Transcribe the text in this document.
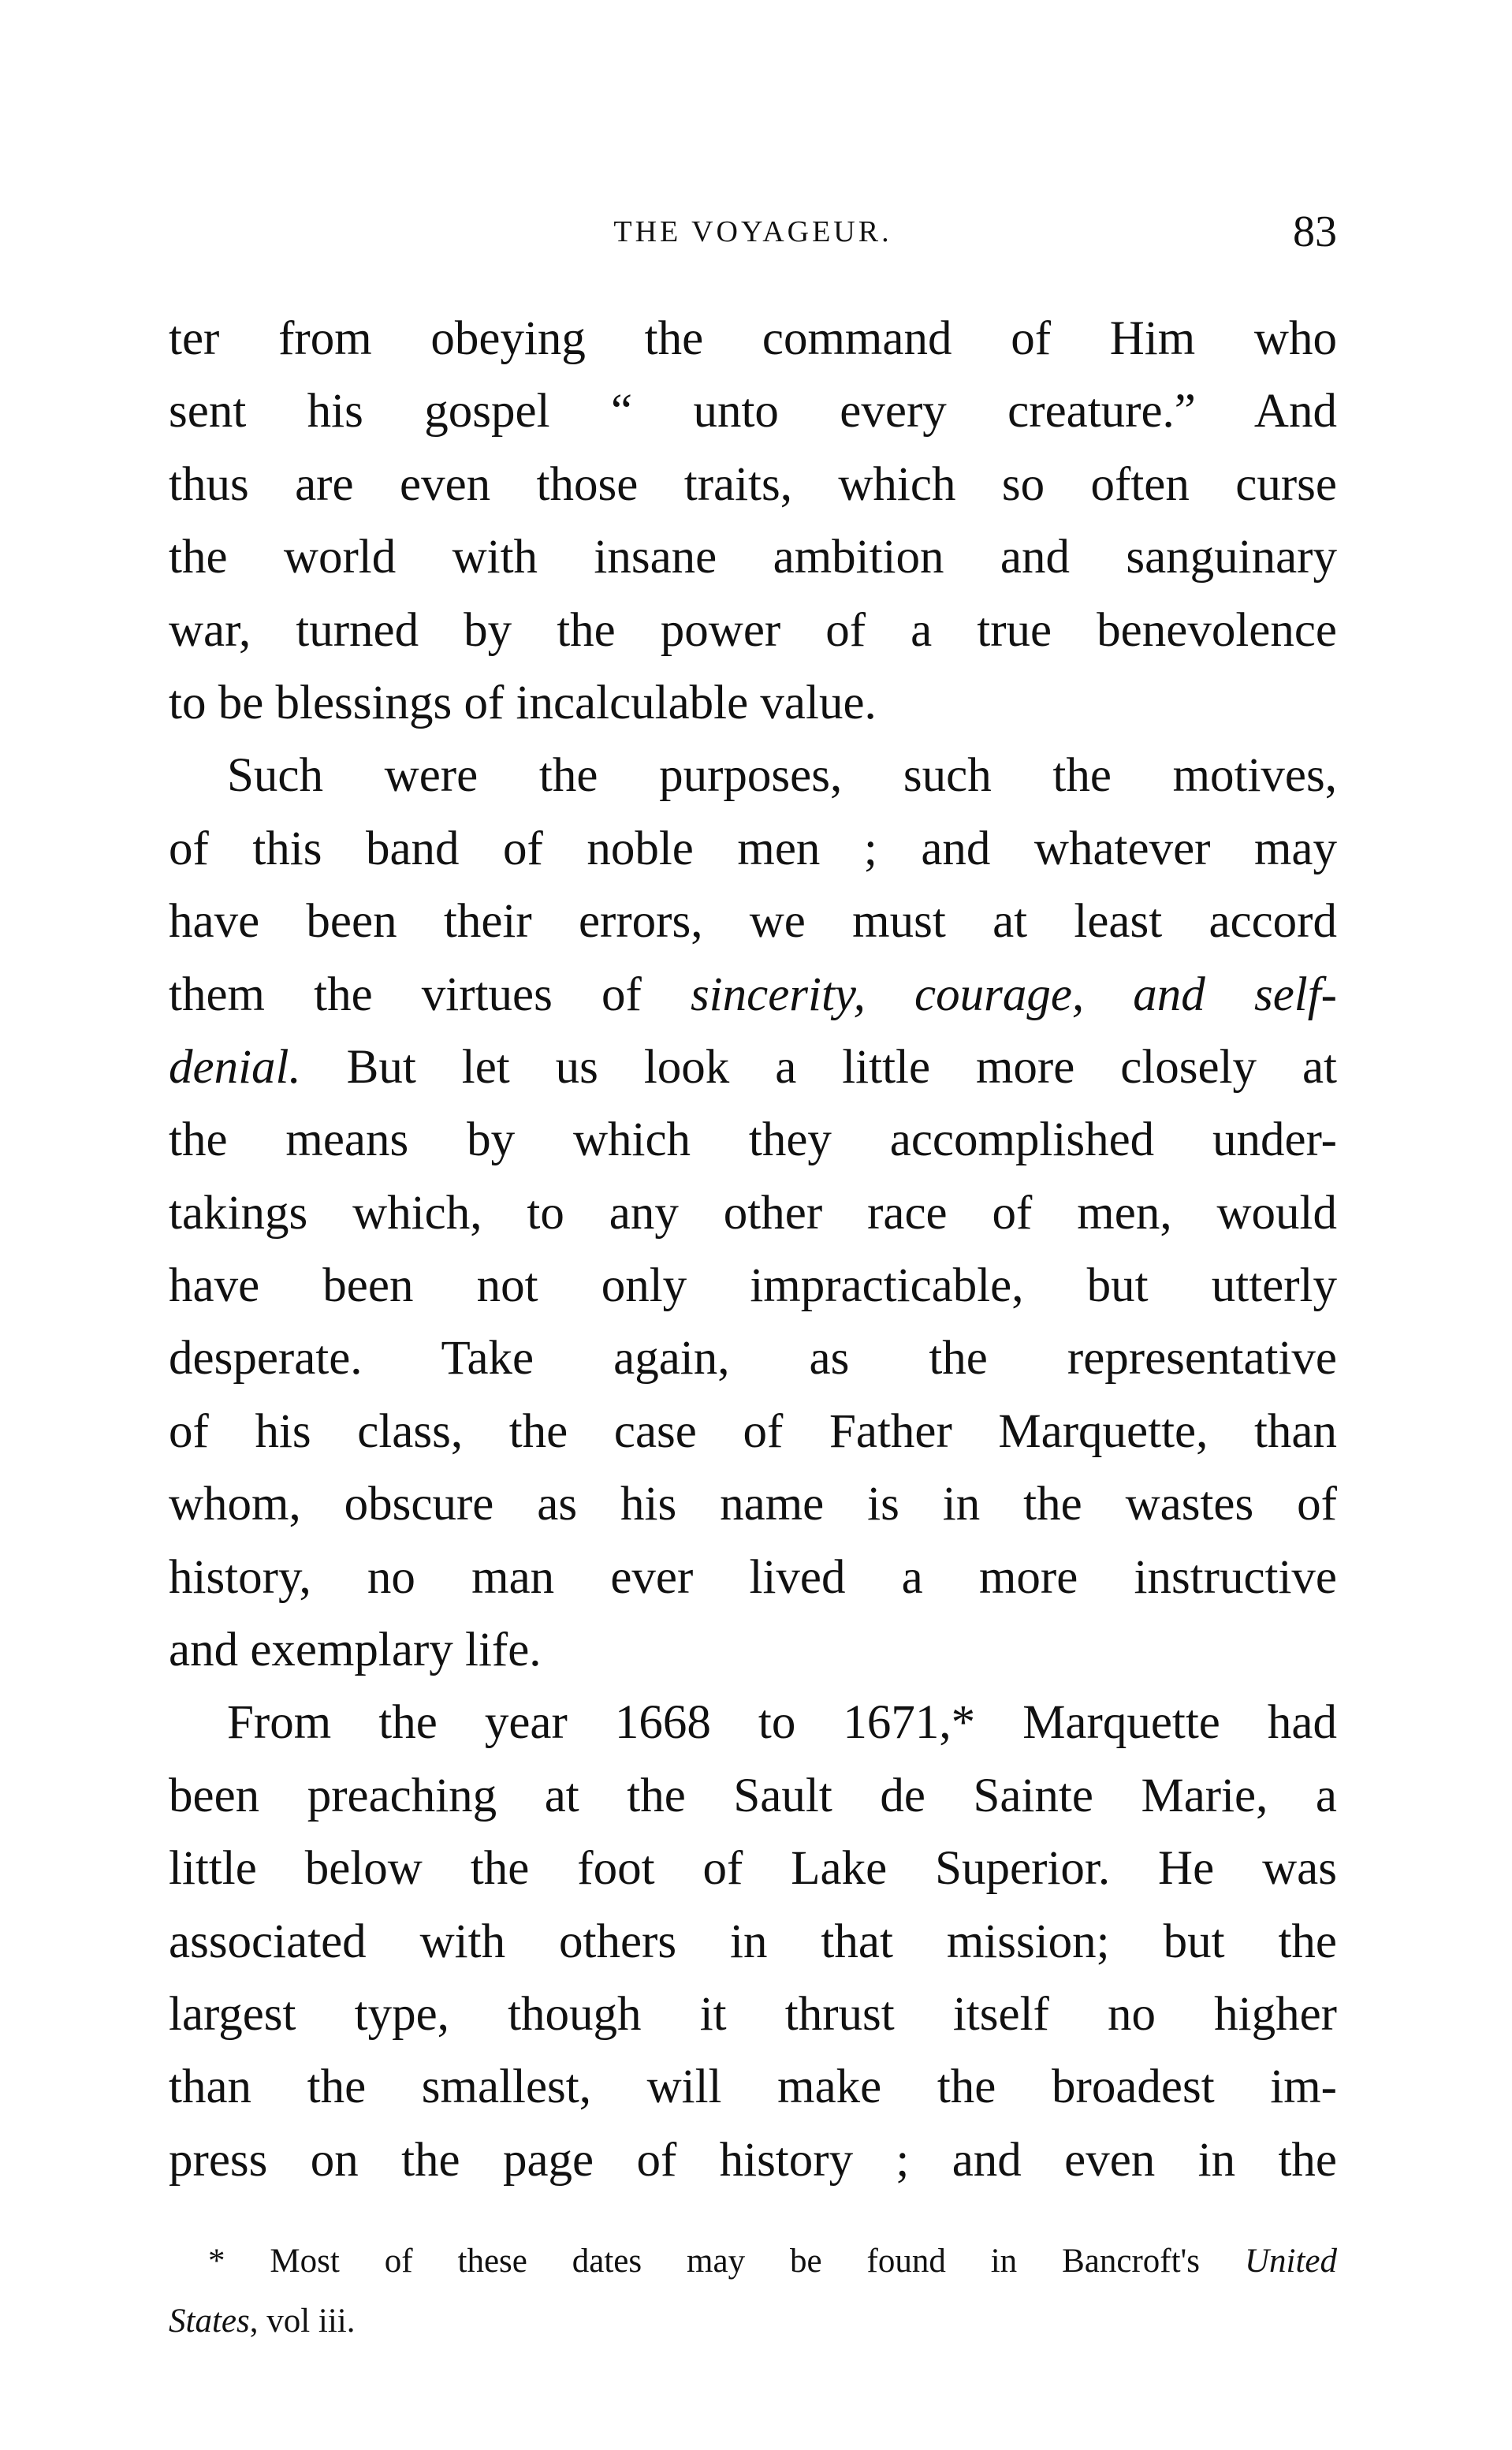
THE VOYAGEUR.	83
ter from obeying the command of Him who
sent his gospel “ unto every creature.” And
thus are even those traits, which so often curse
the world with insane ambition and sanguinary
war, turned by the power of a true benevolence
to be blessings of incalculable value.
Such were the purposes, such the motives,
of this band of noble men ; and whatever may
have been their errors, we must at least accord
them the virtues of sincerity, courage, and self-
denial. But let us look a little more closely at
the means by which they accomplished under-
takings which, to any other race of men, would
have been not only impracticable, but utterly
desperate. Take again, as the representative
of his class, the case of Father Marquette, than
whom, obscure as his name is in the wastes of
history, no man ever lived a more instructive
and exemplary life.
From the year 1668 to 1671,* Marquette had
been preaching at the Sault de Sainte Marie, a
little below the foot of Lake Superior. He was
associated with others in that mission; but the
largest type, though it thrust itself no higher
than the smallest, will make the broadest im-
press on the page of history ; and even in the
* Most of these dates may be found in Bancroft's United
States, vol iii.
